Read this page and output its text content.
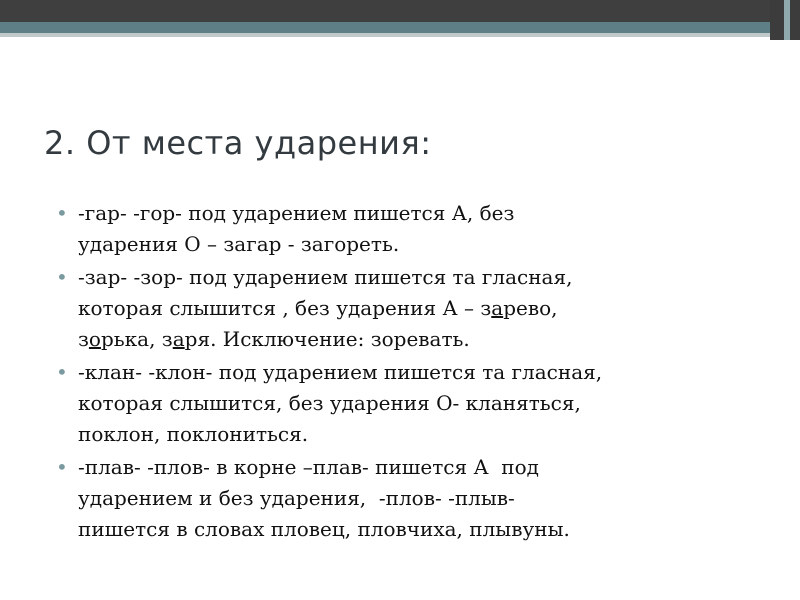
2. От места ударения:
• -гар- -гор- под ударением пишется А, без
ударения О – загар - загореть.
• -зар- -зор- под ударением пишется та гласная,
которая слышится , без ударения А – зарево,
зорька, заря. Исключение: зоревать.
• -клан- -клон- под ударением пишется та гласная,
которая слышится, без ударения О- кланяться,
поклон, поклониться.
• -плав- -плов- в корне –плав- пишется А  под
ударением и без ударения,  -плов- -плыв-
пишется в словах пловец, пловчиха, плывуны.
